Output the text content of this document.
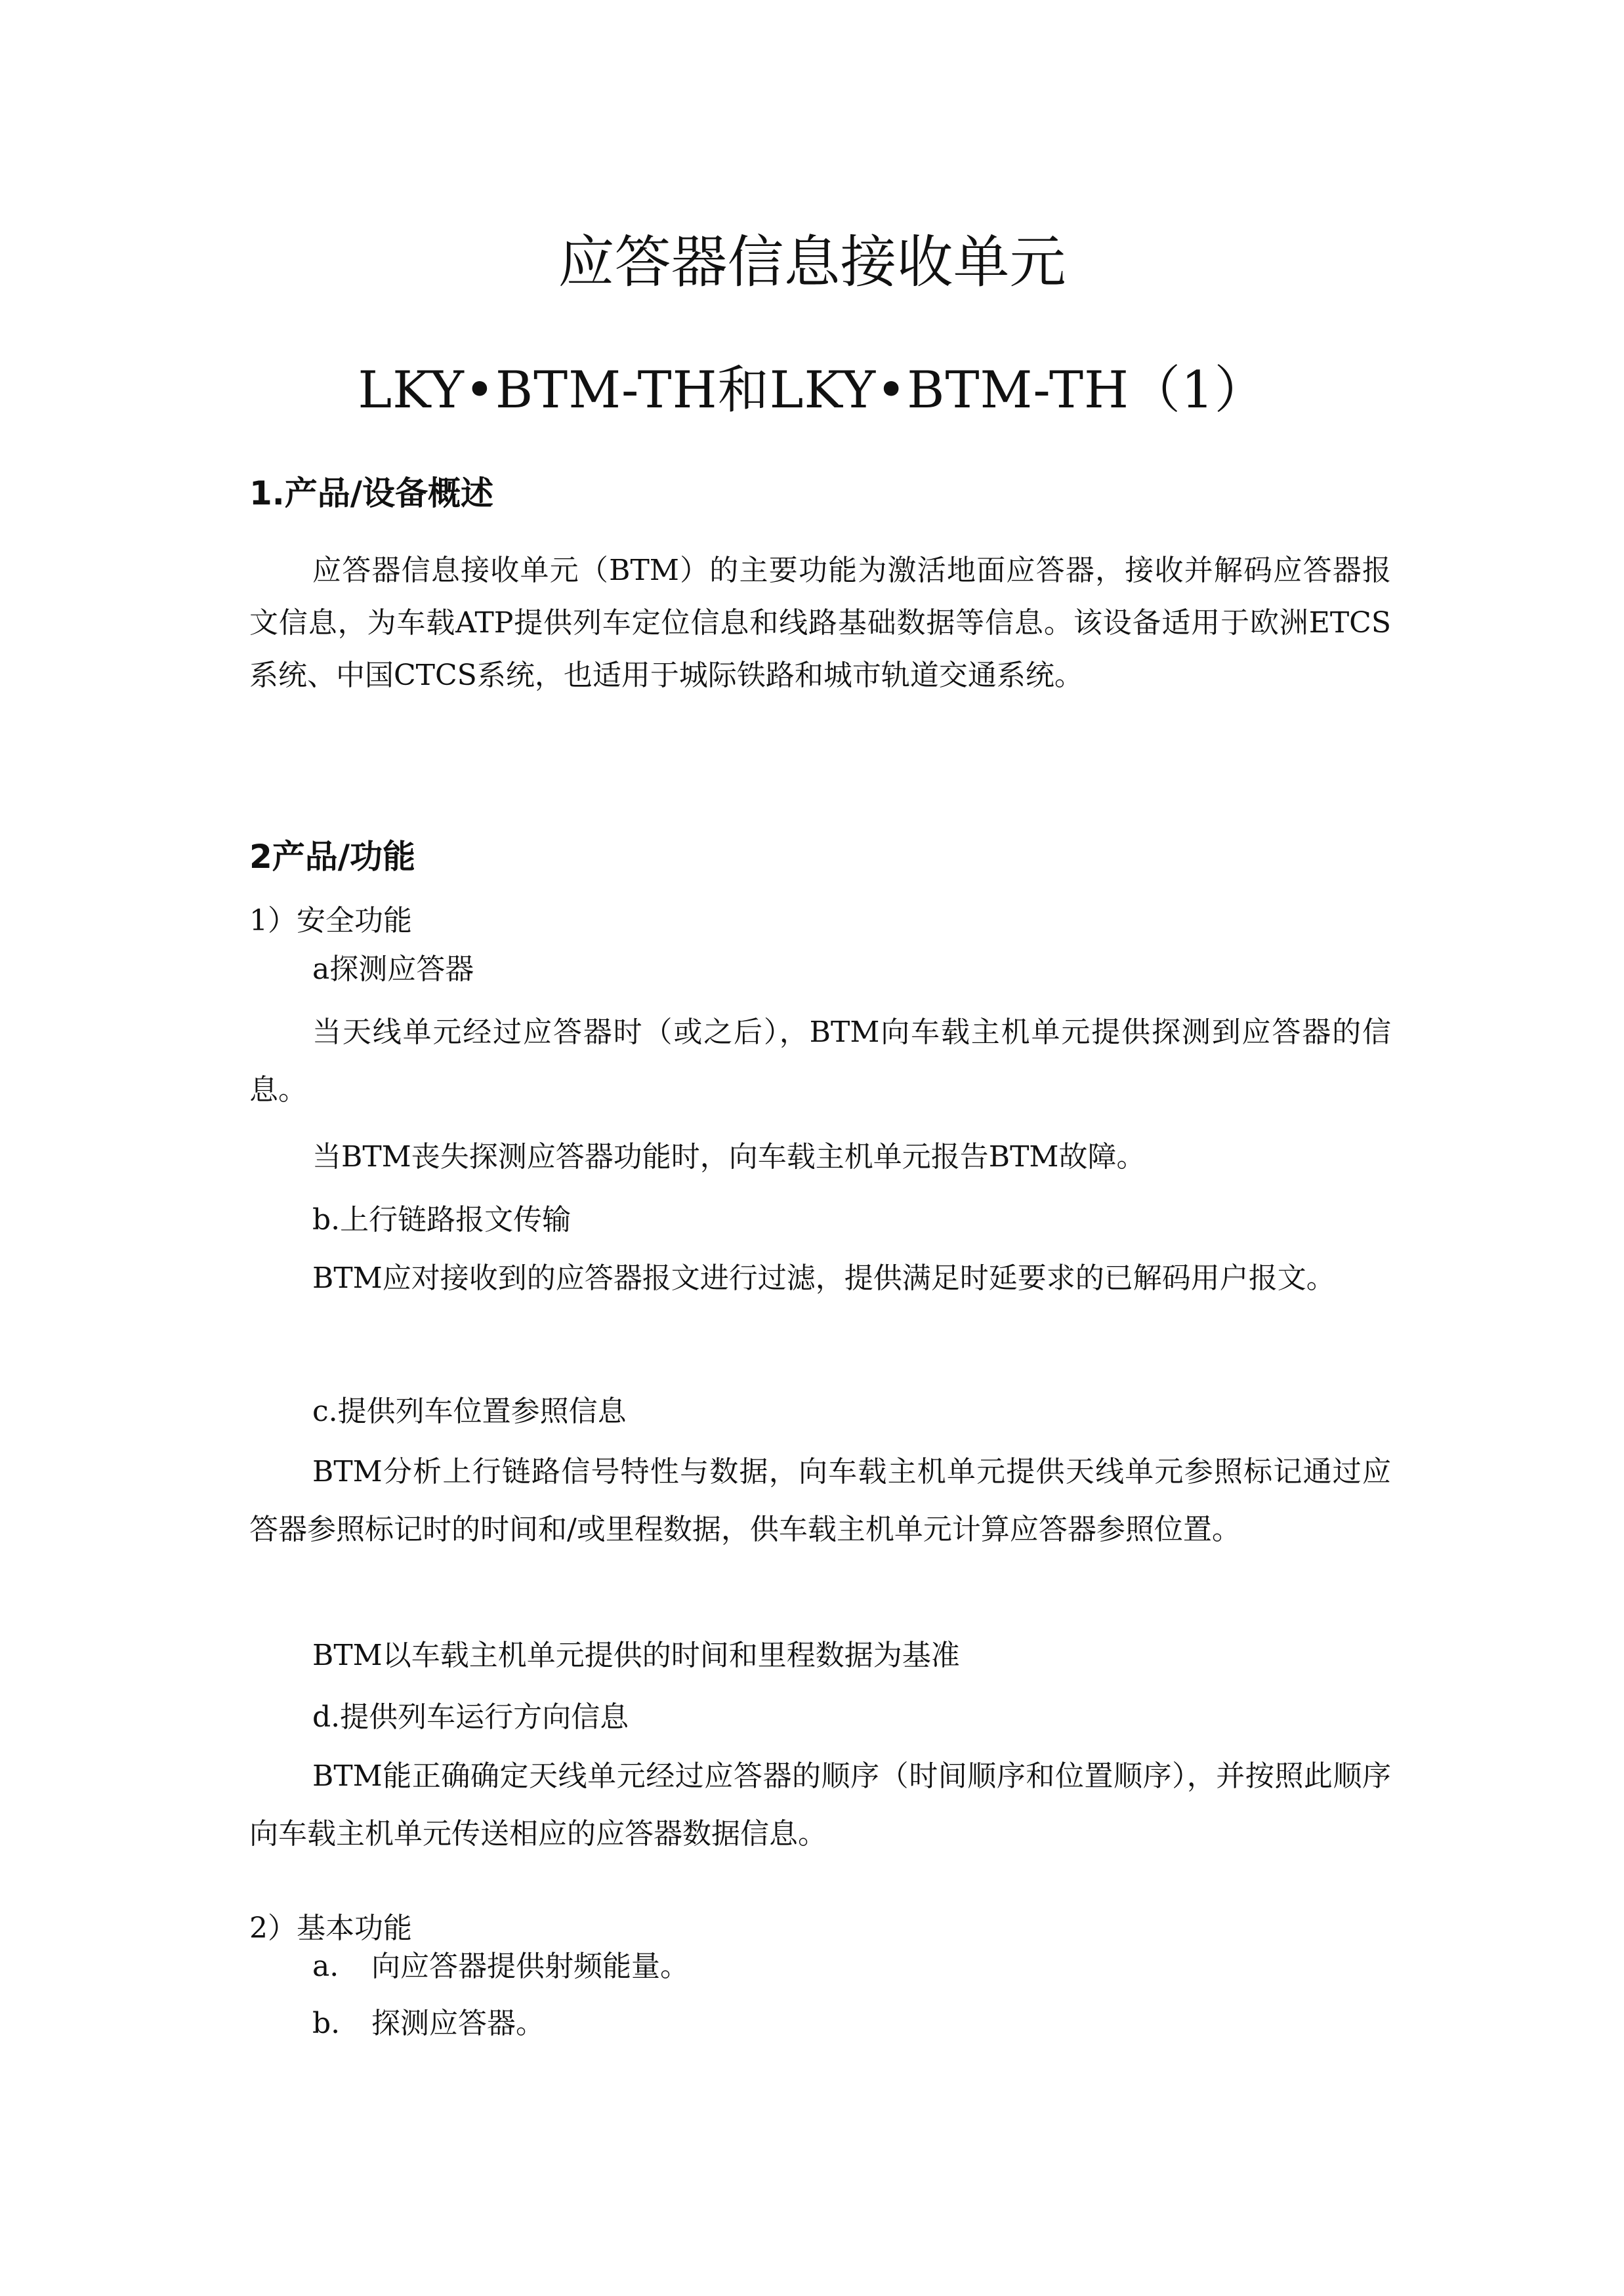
应答器信息接收单元
LKY•BTM-TH和LKY•BTM-TH（1）
1.产品/设备概述

应答器信息接收单元（BTM）的主要功能为激活地面应答器，接收并解码应答器报文信息，为车载ATP提供列车定位信息和线路基础数据等信息。该设备适用于欧洲ETCS系统、中国CTCS系统，也适用于城际铁路和城市轨道交通系统。

2产品/功能

1）安全功能

a探测应答器

当天线单元经过应答器时（或之后），BTM向车载主机单元提供探测到应答器的信息。

当BTM丧失探测应答器功能时，向车载主机单元报告BTM故障。

b.上行链路报文传输

BTM应对接收到的应答器报文进行过滤，提供满足时延要求的已解码用户报文。

c.提供列车位置参照信息

BTM分析上行链路信号特性与数据，向车载主机单元提供天线单元参照标记通过应答器参照标记时的时间和/或里程数据，供车载主机单元计算应答器参照位置。

BTM以车载主机单元提供的时间和里程数据为基准

d.提供列车运行方向信息

BTM能正确确定天线单元经过应答器的顺序（时间顺序和位置顺序），并按照此顺序向车载主机单元传送相应的应答器数据信息。

2）基本功能

a. 向应答器提供射频能量。

b. 探测应答器。
